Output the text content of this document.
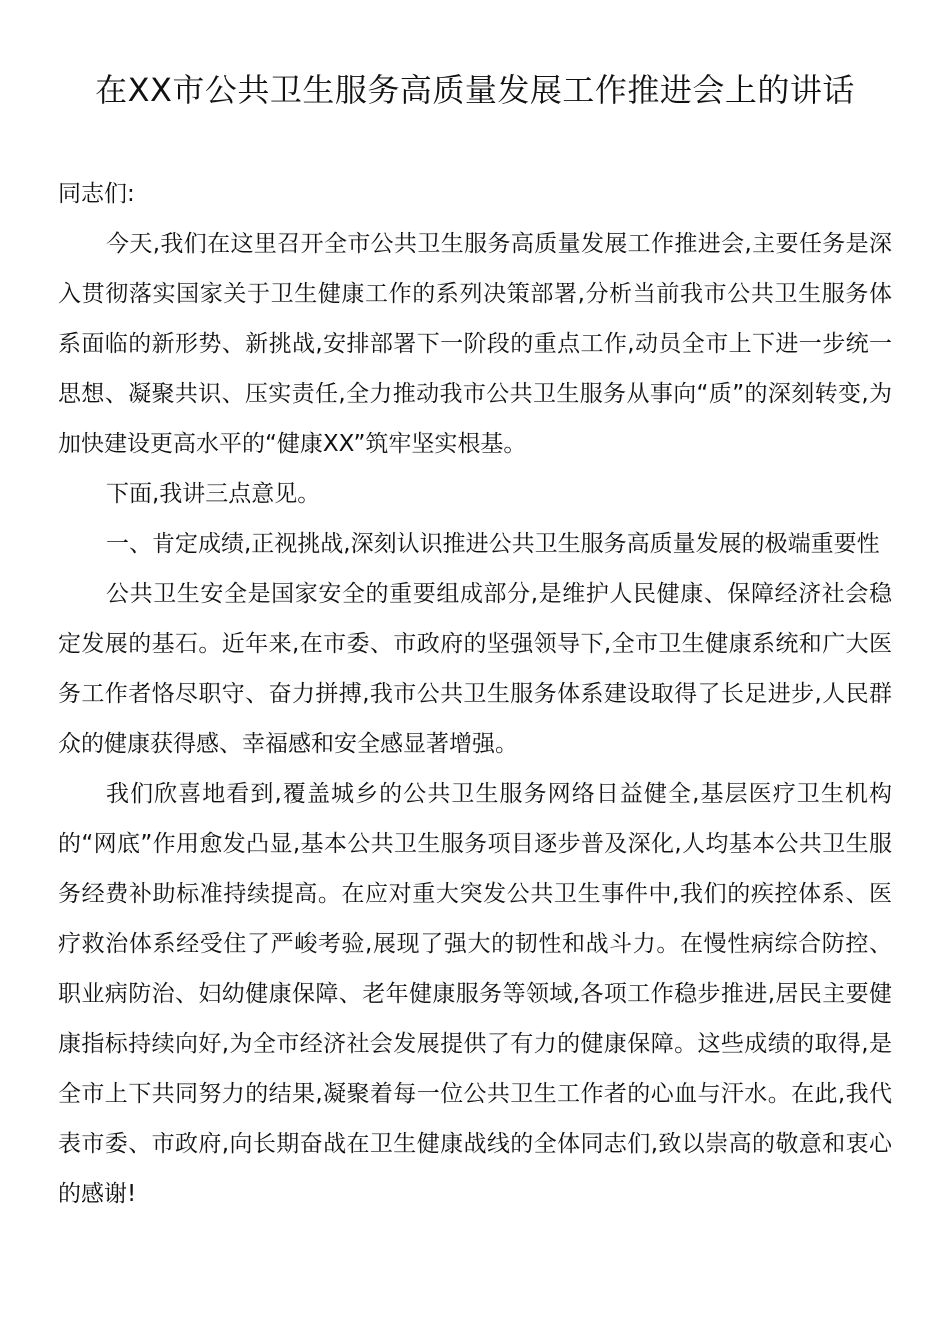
在XX市公共卫生服务高质量发展工作推进会上的讲话

同志们:

今天,我们在这里召开全市公共卫生服务高质量发展工作推进会,主要任务是深入贯彻落实国家关于卫生健康工作的系列决策部署,分析当前我市公共卫生服务体系面临的新形势、新挑战,安排部署下一阶段的重点工作,动员全市上下进一步统一思想、凝聚共识、压实责任,全力推动我市公共卫生服务从事向“质”的深刻转变,为加快建设更高水平的“健康XX”筑牢坚实根基。

下面,我讲三点意见。

一、肯定成绩,正视挑战,深刻认识推进公共卫生服务高质量发展的极端重要性

公共卫生安全是国家安全的重要组成部分,是维护人民健康、保障经济社会稳定发展的基石。近年来,在市委、市政府的坚强领导下,全市卫生健康系统和广大医务工作者恪尽职守、奋力拼搏,我市公共卫生服务体系建设取得了长足进步,人民群众的健康获得感、幸福感和安全感显著增强。

我们欣喜地看到,覆盖城乡的公共卫生服务网络日益健全,基层医疗卫生机构的“网底”作用愈发凸显,基本公共卫生服务项目逐步普及深化,人均基本公共卫生服务经费补助标准持续提高。在应对重大突发公共卫生事件中,我们的疾控体系、医疗救治体系经受住了严峻考验,展现了强大的韧性和战斗力。在慢性病综合防控、职业病防治、妇幼健康保障、老年健康服务等领域,各项工作稳步推进,居民主要健康指标持续向好,为全市经济社会发展提供了有力的健康保障。这些成绩的取得,是全市上下共同努力的结果,凝聚着每一位公共卫生工作者的心血与汗水。在此,我代表市委、市政府,向长期奋战在卫生健康战线的全体同志们,致以崇高的敬意和衷心的感谢!
